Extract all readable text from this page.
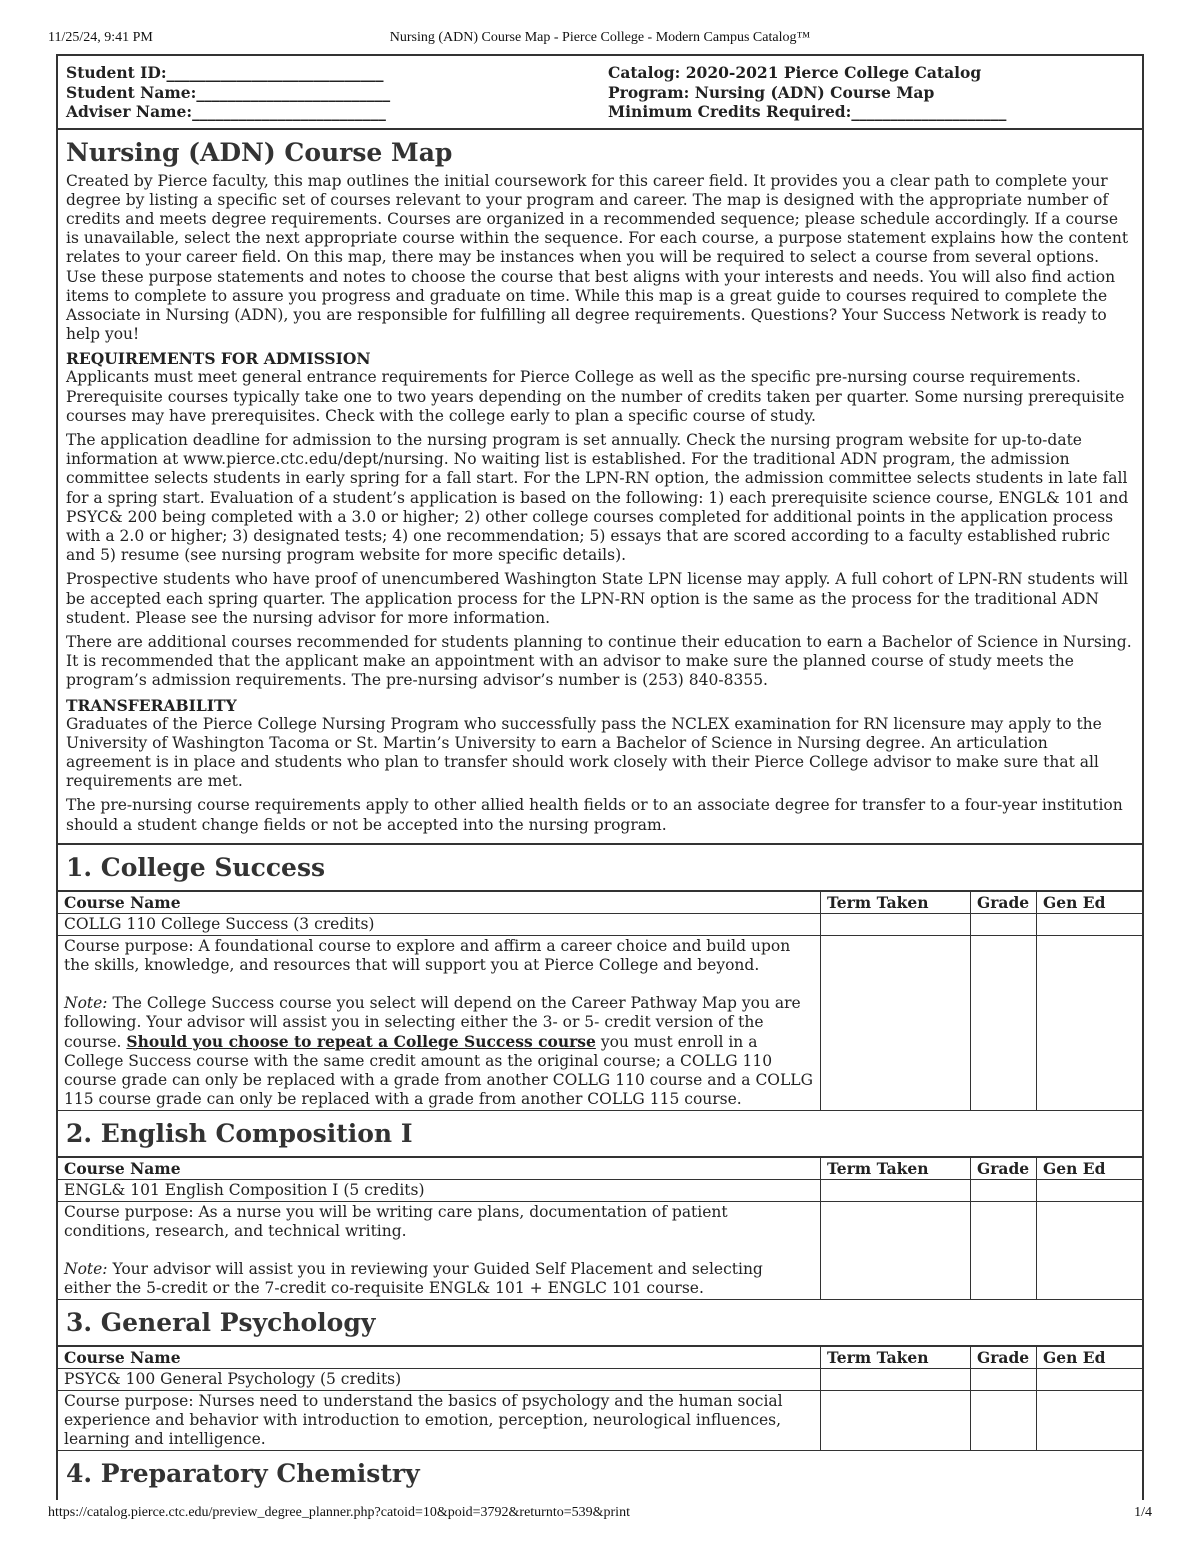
11/25/24, 9:41 PM	Nursing (ADN) Course Map - Pierce College - Modern Campus Catalog™
Student ID:____________________________
Student Name:_________________________
Adviser Name:_________________________
Catalog: 2020-2021 Pierce College Catalog
Program: Nursing (ADN) Course Map
Minimum Credits Required:____________________
Nursing (ADN) Course Map

Created by Pierce faculty, this map outlines the initial coursework for this career field. It provides you a clear path to complete your degree by listing a specific set of courses relevant to your program and career. The map is designed with the appropriate number of credits and meets degree requirements. Courses are organized in a recommended sequence; please schedule accordingly. If a course is unavailable, select the next appropriate course within the sequence. For each course, a purpose statement explains how the content relates to your career field. On this map, there may be instances when you will be required to select a course from several options. Use these purpose statements and notes to choose the course that best aligns with your interests and needs. You will also find action items to complete to assure you progress and graduate on time. While this map is a great guide to courses required to complete the Associate in Nursing (ADN), you are responsible for fulfilling all degree requirements. Questions? Your Success Network is ready to help you!

REQUIREMENTS FOR ADMISSION

Applicants must meet general entrance requirements for Pierce College as well as the specific pre-nursing course requirements. Prerequisite courses typically take one to two years depending on the number of credits taken per quarter. Some nursing prerequisite courses may have prerequisites. Check with the college early to plan a specific course of study.

The application deadline for admission to the nursing program is set annually. Check the nursing program website for up-to-date information at www.pierce.ctc.edu/dept/nursing. No waiting list is established. For the traditional ADN program, the admission committee selects students in early spring for a fall start. For the LPN-RN option, the admission committee selects students in late fall for a spring start. Evaluation of a student’s application is based on the following: 1) each prerequisite science course, ENGL& 101 and PSYC& 200 being completed with a 3.0 or higher; 2) other college courses completed for additional points in the application process with a 2.0 or higher; 3) designated tests; 4) one recommendation; 5) essays that are scored according to a faculty established rubric and 5) resume (see nursing program website for more specific details).

Prospective students who have proof of unencumbered Washington State LPN license may apply. A full cohort of LPN-RN students will be accepted each spring quarter. The application process for the LPN-RN option is the same as the process for the traditional ADN student. Please see the nursing advisor for more information.

There are additional courses recommended for students planning to continue their education to earn a Bachelor of Science in Nursing. It is recommended that the applicant make an appointment with an advisor to make sure the planned course of study meets the program’s admission requirements. The pre-nursing advisor’s number is (253) 840-8355.

TRANSFERABILITY

Graduates of the Pierce College Nursing Program who successfully pass the NCLEX examination for RN licensure may apply to the University of Washington Tacoma or St. Martin’s University to earn a Bachelor of Science in Nursing degree. An articulation agreement is in place and students who plan to transfer should work closely with their Pierce College advisor to make sure that all requirements are met.

The pre-nursing course requirements apply to other allied health fields or to an associate degree for transfer to a four-year institution should a student change fields or not be accepted into the nursing program.

1. College Success
Course Name	Term Taken	Grade	Gen Ed
COLLG 110 College Success (3 credits)			

Course purpose: A foundational course to explore and affirm a career choice and build upon the skills, knowledge, and resources that will support you at Pierce College and beyond.

Note: The College Success course you select will depend on the Career Pathway Map you are following. Your advisor will assist you in selecting either the 3- or 5- credit version of the course. Should you choose to repeat a College Success course you must enroll in a College Success course with the same credit amount as the original course; a COLLG 110 course grade can only be replaced with a grade from another COLLG 110 course and a COLLG 115 course grade can only be replaced with a grade from another COLLG 115 course.			

2. English Composition I
Course Name	Term Taken	Grade	Gen Ed
ENGL& 101 English Composition I (5 credits)			

Course purpose: As a nurse you will be writing care plans, documentation of patient conditions, research, and technical writing.

Note: Your advisor will assist you in reviewing your Guided Self Placement and selecting either the 5-credit or the 7-credit co-requisite ENGL& 101 + ENGLC 101 course.			

3. General Psychology
Course Name	Term Taken	Grade	Gen Ed
PSYC& 100 General Psychology (5 credits)			

Course purpose: Nurses need to understand the basics of psychology and the human social experience and behavior with introduction to emotion, perception, neurological influences, learning and intelligence.			

4. Preparatory Chemistry
https://catalog.pierce.ctc.edu/preview_degree_planner.php?catoid=10&poid=3792&returnto=539&print	1/4
